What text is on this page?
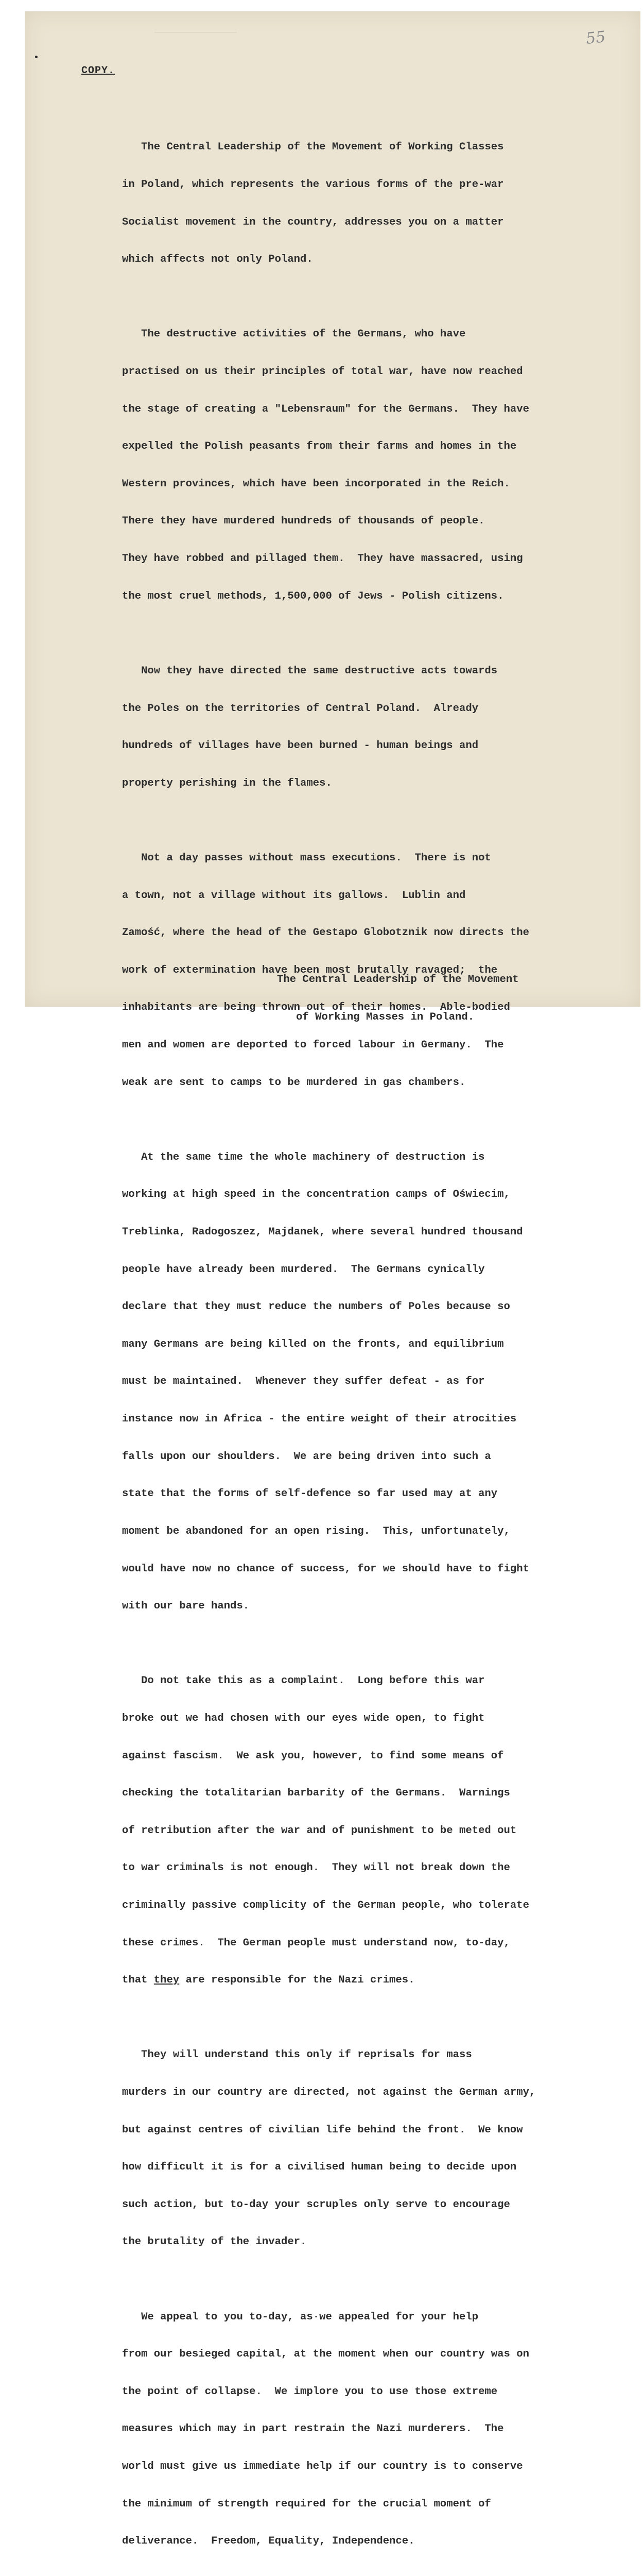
55
COPY.

The Central Leadership of the Movement of Working Classes

in Poland, which represents the various forms of the pre-war

Socialist movement in the country, addresses you on a matter

which affects not only Poland.

The destructive activities of the Germans, who have

practised on us their principles of total war, have now reached

the stage of creating a "Lebensraum" for the Germans.  They have

expelled the Polish peasants from their farms and homes in the

Western provinces, which have been incorporated in the Reich.

There they have murdered hundreds of thousands of people.

They have robbed and pillaged them.  They have massacred, using

the most cruel methods, 1,500,000 of Jews - Polish citizens.

Now they have directed the same destructive acts towards

the Poles on the territories of Central Poland.  Already

hundreds of villages have been burned - human beings and

property perishing in the flames.

Not a day passes without mass executions.  There is not

a town, not a village without its gallows.  Lublin and

Zamość, where the head of the Gestapo Globotznik now directs the

work of extermination have been most brutally ravaged;  the

inhabitants are being thrown out of their homes.  Able-bodied

men and women are deported to forced labour in Germany.  The

weak are sent to camps to be murdered in gas chambers.

At the same time the whole machinery of destruction is

working at high speed in the concentration camps of Oświecim,

Treblinka, Radogoszez, Majdanek, where several hundred thousand

people have already been murdered.  The Germans cynically

declare that they must reduce the numbers of Poles because so

many Germans are being killed on the fronts, and equilibrium

must be maintained.  Whenever they suffer defeat - as for

instance now in Africa - the entire weight of their atrocities

falls upon our shoulders.  We are being driven into such a

state that the forms of self-defence so far used may at any

moment be abandoned for an open rising.  This, unfortunately,

would have now no chance of success, for we should have to fight

with our bare hands.

Do not take this as a complaint.  Long before this war

broke out we had chosen with our eyes wide open, to fight

against fascism.  We ask you, however, to find some means of

checking the totalitarian barbarity of the Germans.  Warnings

of retribution after the war and of punishment to be meted out

to war criminals is not enough.  They will not break down the

criminally passive complicity of the German people, who tolerate

these crimes.  The German people must understand now, to-day,

that they are responsible for the Nazi crimes.

They will understand this only if reprisals for mass

murders in our country are directed, not against the German army,

but against centres of civilian life behind the front.  We know

how difficult it is for a civilised human being to decide upon

such action, but to-day your scruples only serve to encourage

the brutality of the invader.

We appeal to you to-day, as·we appealed for your help

from our besieged capital, at the moment when our country was on

the point of collapse.  We implore you to use those extreme

measures which may in part restrain the Nazi murderers.  The

world must give us immediate help if our country is to conserve

the minimum of strength required for the crucial moment of

deliverance.  Freedom, Equality, Independence.

The Central Leadership of the Movement

of Working Masses in Poland.
